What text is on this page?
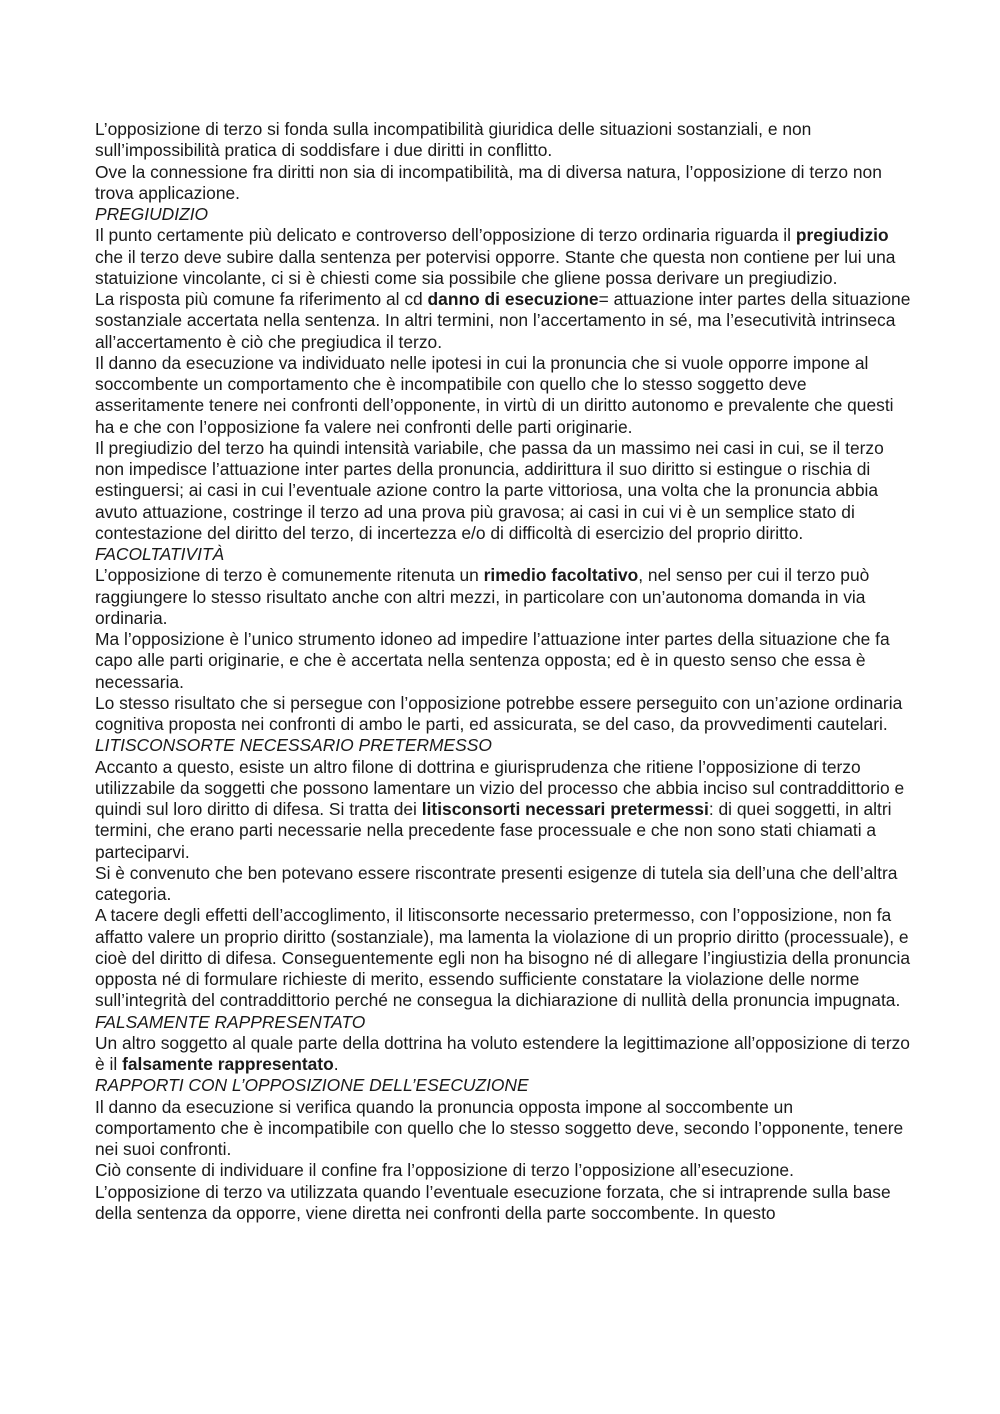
L’opposizione di terzo si fonda sulla incompatibilità giuridica delle situazioni sostanziali, e non sull’impossibilità pratica di soddisfare i due diritti in conflitto.

Ove la connessione fra diritti non sia di incompatibilità, ma di diversa natura, l’opposizione di terzo non trova applicazione.

PREGIUDIZIO

Il punto certamente più delicato e controverso dell’opposizione di terzo ordinaria riguarda il pregiudizio che il terzo deve subire dalla sentenza per potervisi opporre. Stante che questa non contiene per lui una statuizione vincolante, ci si è chiesti come sia possibile che gliene possa derivare un pregiudizio.

La risposta più comune fa riferimento al cd danno di esecuzione= attuazione inter partes della situazione sostanziale accertata nella sentenza. In altri termini, non l’accertamento in sé, ma l’esecutività intrinseca all’accertamento è ciò che pregiudica il terzo.

Il danno da esecuzione va individuato nelle ipotesi in cui la pronuncia che si vuole opporre impone al soccombente un comportamento che è incompatibile con quello che lo stesso soggetto deve asseritamente tenere nei confronti dell’opponente, in virtù di un diritto autonomo e prevalente che questi ha e che con l’opposizione fa valere nei confronti delle parti originarie.

Il pregiudizio del terzo ha quindi intensità variabile, che passa da un massimo nei casi in cui, se il terzo non impedisce l’attuazione inter partes della pronuncia, addirittura il suo diritto si estingue o rischia di estinguersi; ai casi in cui l’eventuale azione contro la parte vittoriosa, una volta che la pronuncia abbia avuto attuazione, costringe il terzo ad una prova più gravosa; ai casi in cui vi è un semplice stato di contestazione del diritto del terzo, di incertezza e/o di difficoltà di esercizio del proprio diritto.

FACOLTATIVITÀ

L’opposizione di terzo è comunemente ritenuta un rimedio facoltativo, nel senso per cui il terzo può raggiungere lo stesso risultato anche con altri mezzi, in particolare con un’autonoma domanda in via ordinaria.

Ma l’opposizione è l’unico strumento idoneo ad impedire l’attuazione inter partes della situazione che fa capo alle parti originarie, e che è accertata nella sentenza opposta; ed è in questo senso che essa è necessaria.

Lo stesso risultato che si persegue con l’opposizione potrebbe essere perseguito con un’azione ordinaria cognitiva proposta nei confronti di ambo le parti, ed assicurata, se del caso, da provvedimenti cautelari.

LITISCONSORTE NECESSARIO PRETERMESSO

Accanto a questo, esiste un altro filone di dottrina e giurisprudenza che ritiene l’opposizione di terzo utilizzabile da soggetti che possono lamentare un vizio del processo che abbia inciso sul contraddittorio e quindi sul loro diritto di difesa. Si tratta dei litisconsorti necessari pretermessi: di quei soggetti, in altri termini, che erano parti necessarie nella precedente fase processuale e che non sono stati chiamati a parteciparvi.

Si è convenuto che ben potevano essere riscontrate presenti esigenze di tutela sia dell’una che dell’altra categoria.

A tacere degli effetti dell’accoglimento, il litisconsorte necessario pretermesso, con l’opposizione, non fa affatto valere un proprio diritto (sostanziale), ma lamenta la violazione di un proprio diritto (processuale), e cioè del diritto di difesa. Conseguentemente egli non ha bisogno né di allegare l’ingiustizia della pronuncia opposta né di formulare richieste di merito, essendo sufficiente constatare la violazione delle norme sull’integrità del contraddittorio perché ne consegua la dichiarazione di nullità della pronuncia impugnata.

FALSAMENTE RAPPRESENTATO

Un altro soggetto al quale parte della dottrina ha voluto estendere la legittimazione all’opposizione di terzo è il falsamente rappresentato.

RAPPORTI CON L’OPPOSIZIONE DELL’ESECUZIONE

Il danno da esecuzione si verifica quando la pronuncia opposta impone al soccombente un comportamento che è incompatibile con quello che lo stesso soggetto deve, secondo l’opponente, tenere nei suoi confronti.

Ciò consente di individuare il confine fra l’opposizione di terzo l’opposizione all’esecuzione.

L’opposizione di terzo va utilizzata quando l’eventuale esecuzione forzata, che si intraprende sulla base della sentenza da opporre, viene diretta nei confronti della parte soccombente. In questo
